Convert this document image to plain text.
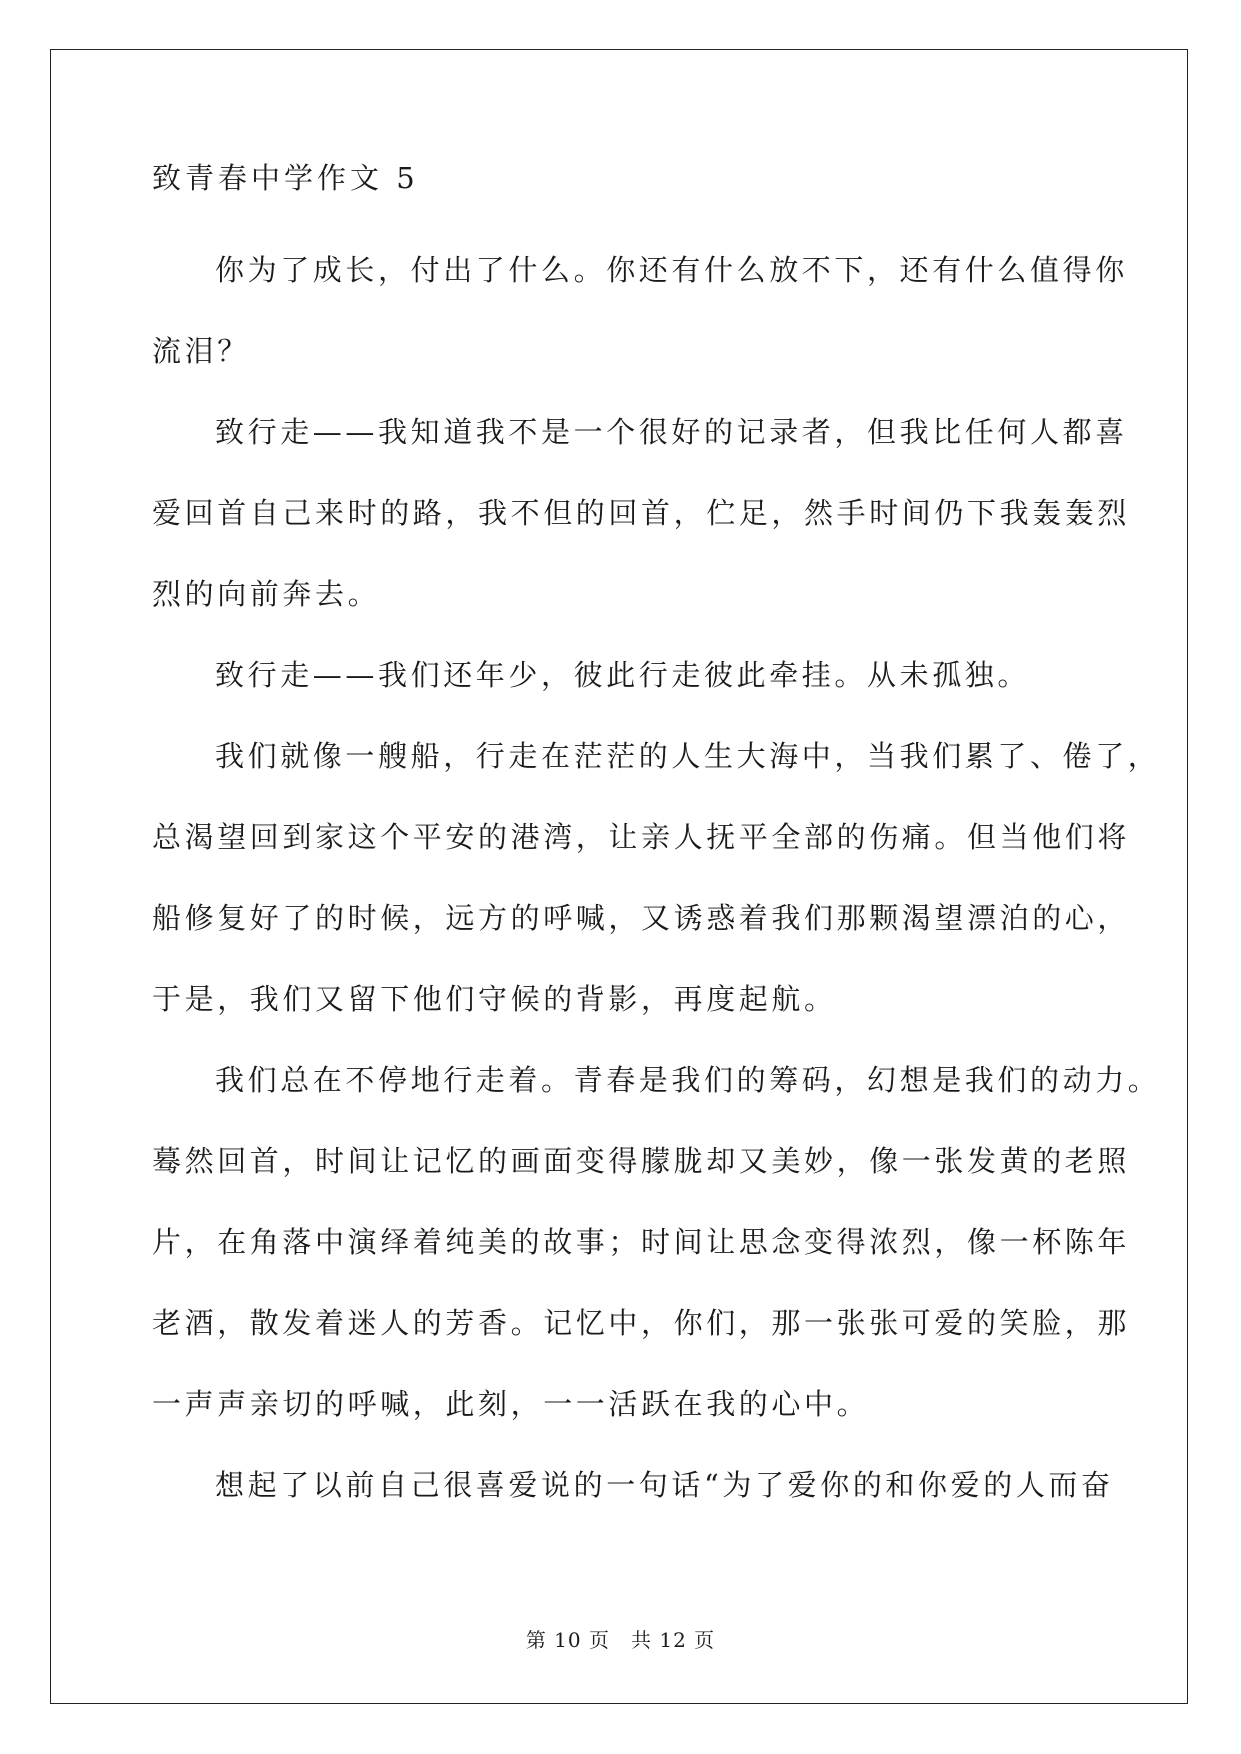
致青春中学作文 5
你为了成长，付出了什么。你还有什么放不下，还有什么值得你
流泪？
致行走——我知道我不是一个很好的记录者，但我比任何人都喜
爱回首自己来时的路，我不但的回首，伫足，然手时间仍下我轰轰烈
烈的向前奔去。
致行走——我们还年少，彼此行走彼此牵挂。从未孤独。
我们就像一艘船，行走在茫茫的人生大海中，当我们累了、倦了，
总渴望回到家这个平安的港湾，让亲人抚平全部的伤痛。但当他们将
船修复好了的时候，远方的呼喊，又诱惑着我们那颗渴望漂泊的心，
于是，我们又留下他们守候的背影，再度起航。
我们总在不停地行走着。青春是我们的筹码，幻想是我们的动力。
蓦然回首，时间让记忆的画面变得朦胧却又美妙，像一张发黄的老照
片，在角落中演绎着纯美的故事；时间让思念变得浓烈，像一杯陈年
老酒，散发着迷人的芳香。记忆中，你们，那一张张可爱的笑脸，那
一声声亲切的呼喊，此刻，一一活跃在我的心中。
想起了以前自己很喜爱说的一句话“为了爱你的和你爱的人而奋
第 10 页　共 12 页
